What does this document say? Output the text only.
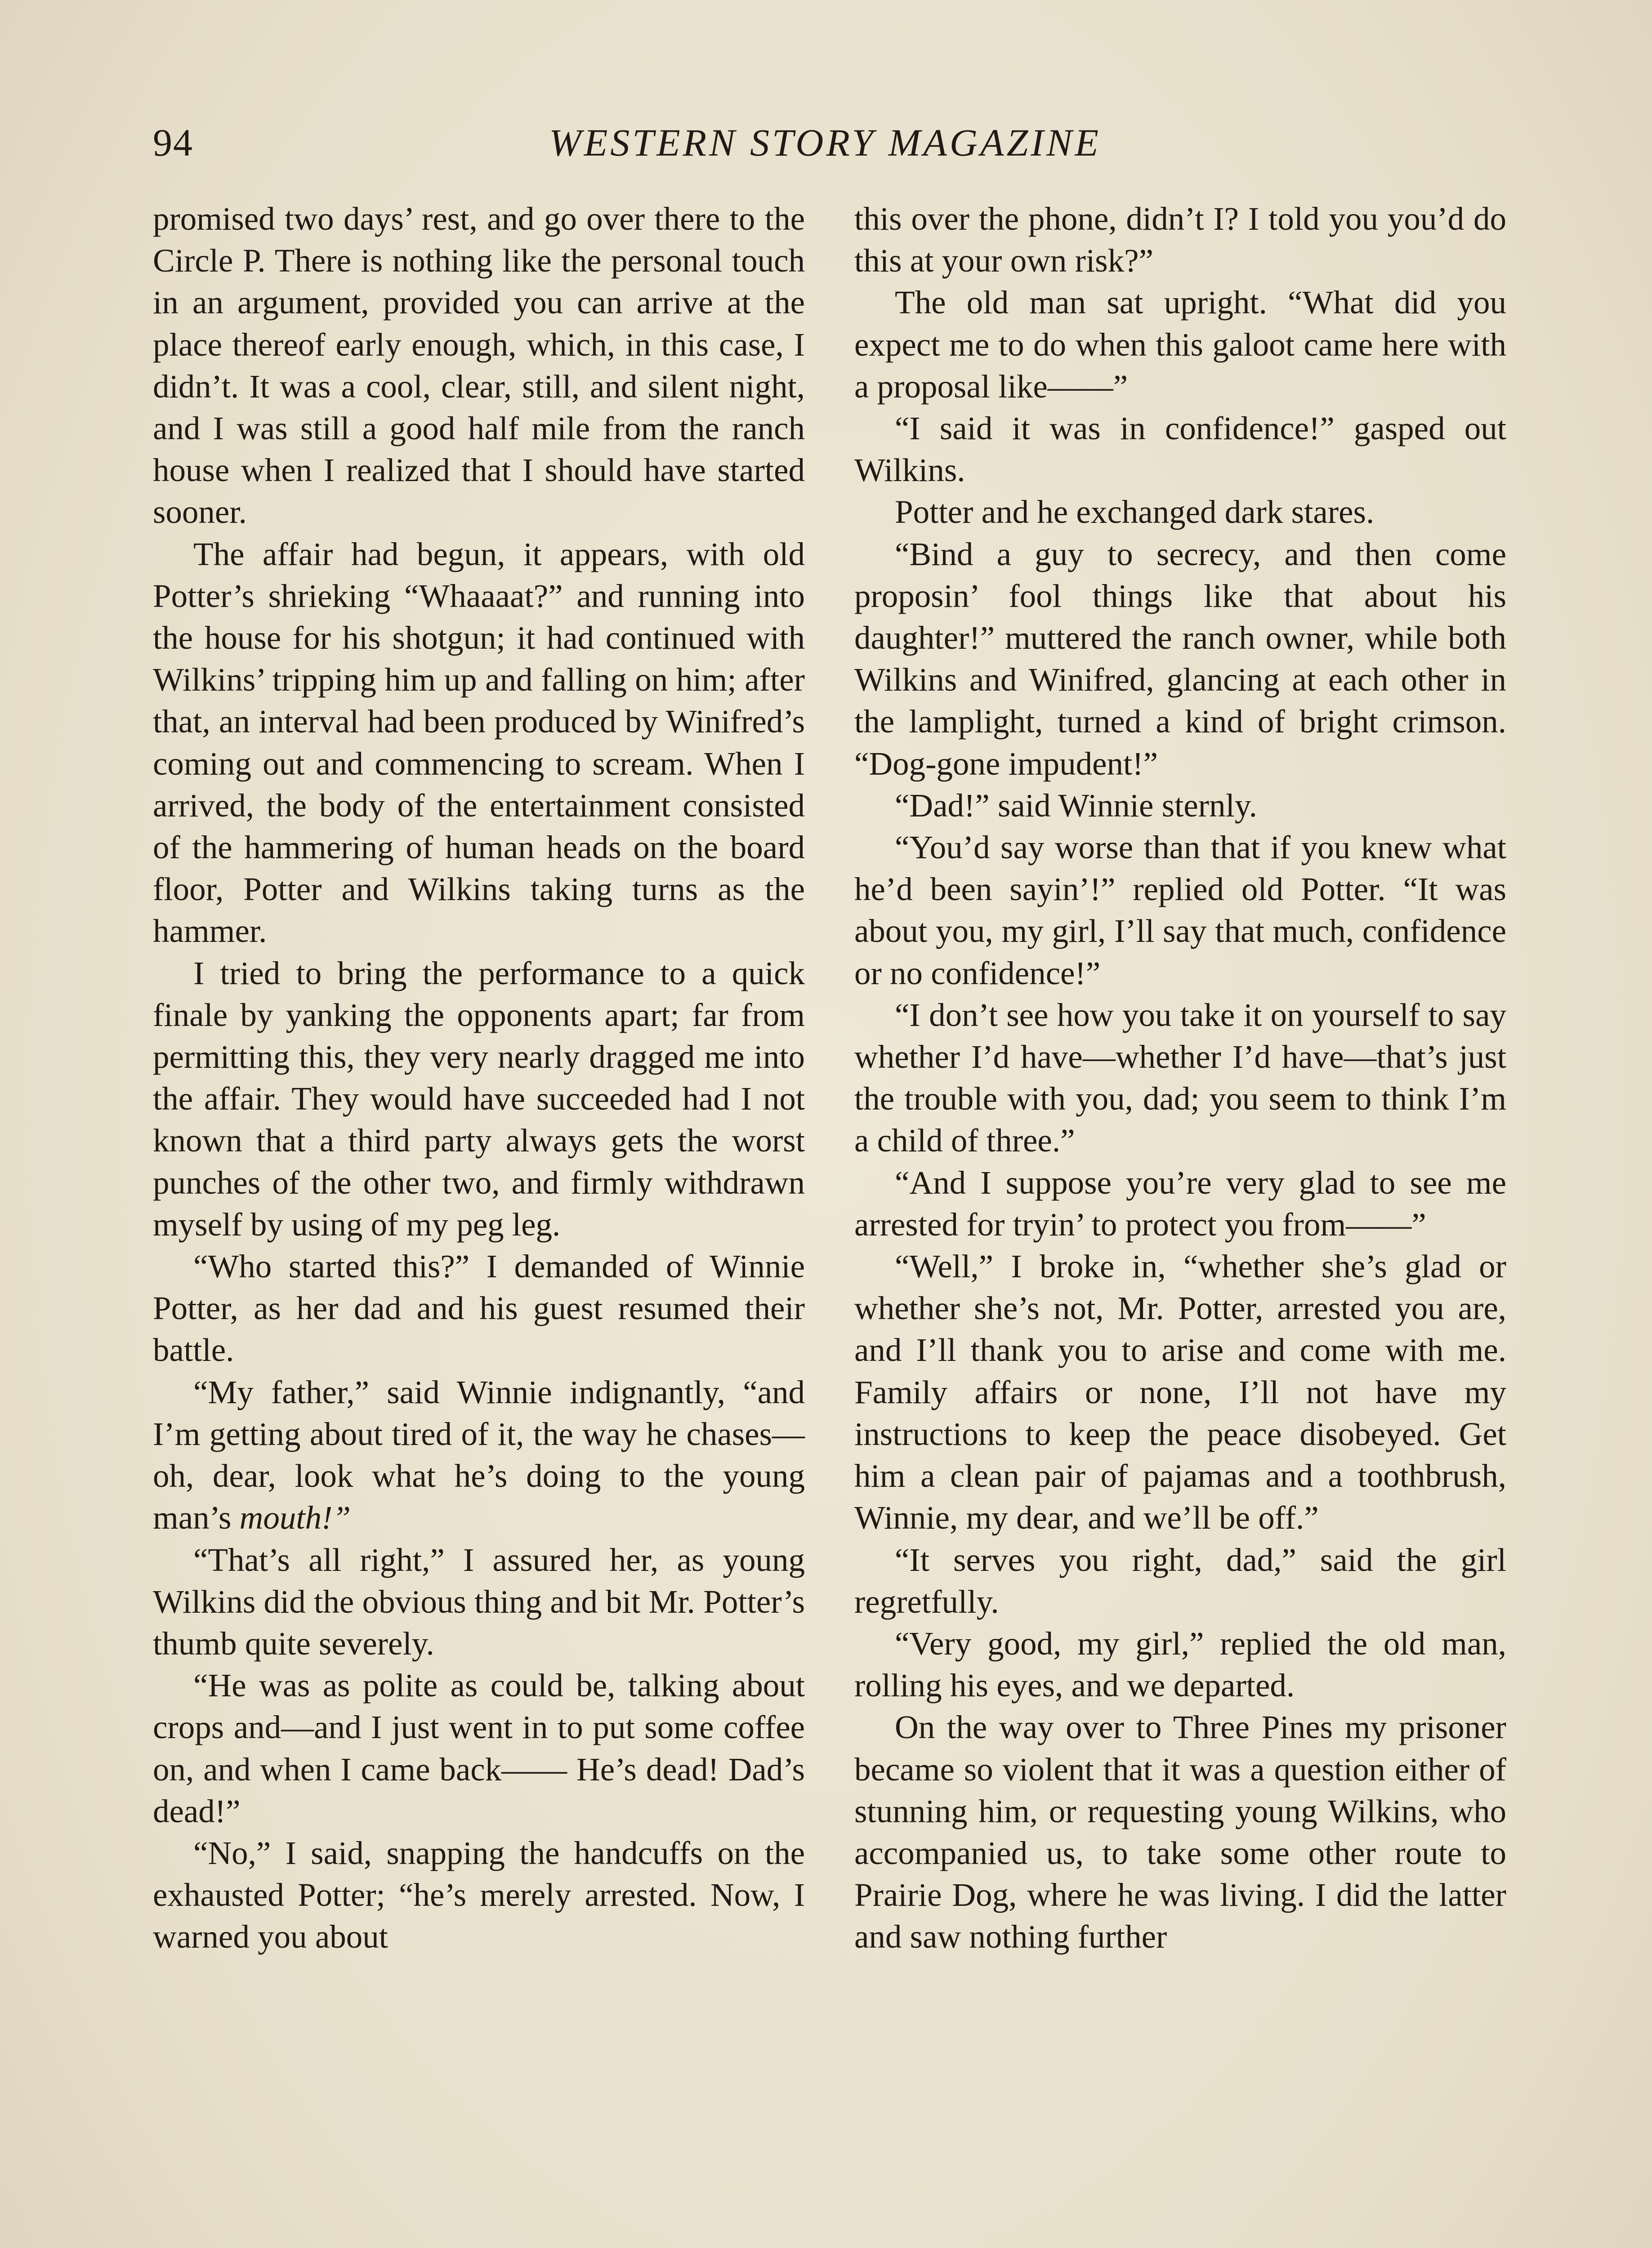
94	WESTERN STORY MAGAZINE

promised two days’ rest, and go over there to the Circle P. There is nothing like the personal touch in an argument, provided you can arrive at the place thereof early enough, which, in this case, I didn’t. It was a cool, clear, still, and silent night, and I was still a good half mile from the ranch house when I realized that I should have started sooner.

The affair had begun, it appears, with old Potter’s shrieking “Whaaaat?” and running into the house for his shotgun; it had continued with Wilkins’ tripping him up and falling on him; after that, an interval had been produced by Winifred’s coming out and commencing to scream. When I arrived, the body of the entertainment consisted of the hammering of human heads on the board floor, Potter and Wilkins taking turns as the hammer.

I tried to bring the performance to a quick finale by yanking the opponents apart; far from permitting this, they very nearly dragged me into the affair. They would have succeeded had I not known that a third party always gets the worst punches of the other two, and firmly withdrawn myself by using of my peg leg.

“Who started this?” I demanded of Winnie Potter, as her dad and his guest resumed their battle.

“My father,” said Winnie indignantly, “and I’m getting about tired of it, the way he chases—oh, dear, look what he’s doing to the young man’s mouth!”

“That’s all right,” I assured her, as young Wilkins did the obvious thing and bit Mr. Potter’s thumb quite severely.

“He was as polite as could be, talking about crops and—and I just went in to put some coffee on, and when I came back—— He’s dead! Dad’s dead!”

“No,” I said, snapping the handcuffs on the exhausted Potter; “he’s merely arrested. Now, I warned you about

this over the phone, didn’t I? I told you you’d do this at your own risk?”

The old man sat upright. “What did you expect me to do when this galoot came here with a proposal like——”

“I said it was in confidence!” gasped out Wilkins.

Potter and he exchanged dark stares.

“Bind a guy to secrecy, and then come proposin’ fool things like that about his daughter!” muttered the ranch owner, while both Wilkins and Winifred, glancing at each other in the lamplight, turned a kind of bright crimson. “Dog-gone impudent!”

“Dad!” said Winnie sternly.

“You’d say worse than that if you knew what he’d been sayin’!” replied old Potter. “It was about you, my girl, I’ll say that much, confidence or no confidence!”

“I don’t see how you take it on yourself to say whether I’d have—whether I’d have—that’s just the trouble with you, dad; you seem to think I’m a child of three.”

“And I suppose you’re very glad to see me arrested for tryin’ to protect you from——”

“Well,” I broke in, “whether she’s glad or whether she’s not, Mr. Potter, arrested you are, and I’ll thank you to arise and come with me. Family affairs or none, I’ll not have my instructions to keep the peace disobeyed. Get him a clean pair of pajamas and a toothbrush, Winnie, my dear, and we’ll be off.”

“It serves you right, dad,” said the girl regretfully.

“Very good, my girl,” replied the old man, rolling his eyes, and we departed.

On the way over to Three Pines my prisoner became so violent that it was a question either of stunning him, or requesting young Wilkins, who accompanied us, to take some other route to Prairie Dog, where he was living. I did the latter and saw nothing further
